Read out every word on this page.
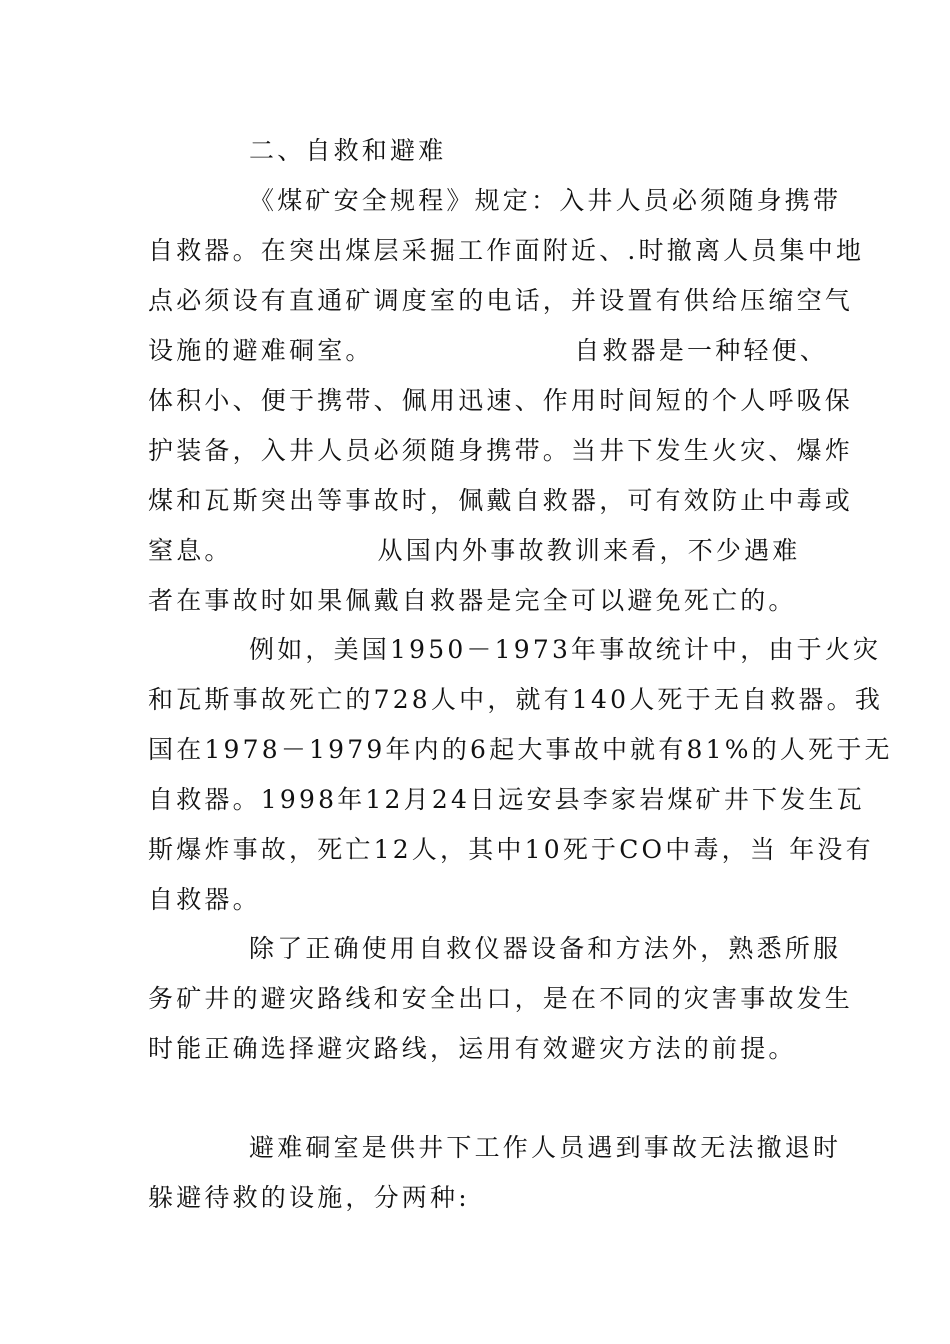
二、自救和避难
《煤矿安全规程》规定：入井人员必须随身携带
自救器。在突出煤层采掘工作面附近、.时撤离人员集中地
点必须设有直通矿调度室的电话，并设置有供给压缩空气
设施的避难硐室。                  自救器是一种轻便、
体积小、便于携带、佩用迅速、作用时间短的个人呼吸保
护装备，入井人员必须随身携带。当井下发生火灾、爆炸
煤和瓦斯突出等事故时，佩戴自救器，可有效防止中毒或
窒息。             从国内外事故教训来看，不少遇难
者在事故时如果佩戴自救器是完全可以避免死亡的。
例如，美国1950－1973年事故统计中，由于火灾
和瓦斯事故死亡的728人中，就有140人死于无自救器。我
国在1978－1979年内的6起大事故中就有81%的人死于无
自救器。1998年12月24日远安县李家岩煤矿井下发生瓦
斯爆炸事故，死亡12人，其中10死于CO中毒，当 年没有
自救器。
除了正确使用自救仪器设备和方法外，熟悉所服
务矿井的避灾路线和安全出口，是在不同的灾害事故发生
时能正确选择避灾路线，运用有效避灾方法的前提。
避难硐室是供井下工作人员遇到事故无法撤退时
躲避待救的设施，分两种:
